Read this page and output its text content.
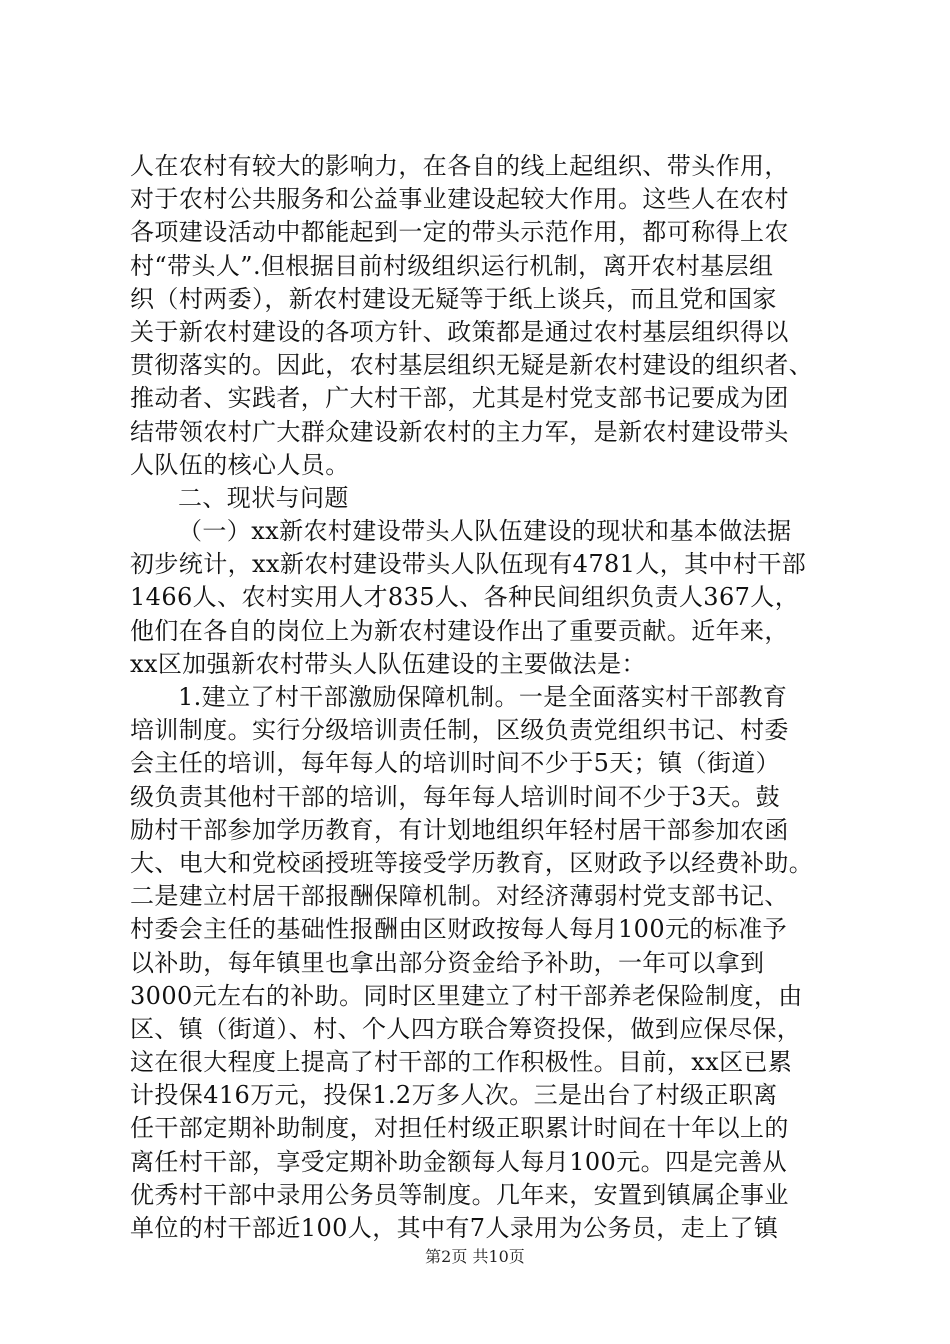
人在农村有较大的影响力，在各自的线上起组织、带头作用，
对于农村公共服务和公益事业建设起较大作用。这些人在农村
各项建设活动中都能起到一定的带头示范作用，都可称得上农
村“带头人”.但根据目前村级组织运行机制，离开农村基层组
织（村两委），新农村建设无疑等于纸上谈兵，而且党和国家
关于新农村建设的各项方针、政策都是通过农村基层组织得以
贯彻落实的。因此，农村基层组织无疑是新农村建设的组织者、
推动者、实践者，广大村干部，尤其是村党支部书记要成为团
结带领农村广大群众建设新农村的主力军，是新农村建设带头
人队伍的核心人员。
二、现状与问题
（一）xx新农村建设带头人队伍建设的现状和基本做法据
初步统计，xx新农村建设带头人队伍现有4781人，其中村干部
1466人、农村实用人才835人、各种民间组织负责人367人，
他们在各自的岗位上为新农村建设作出了重要贡献。近年来，
xx区加强新农村带头人队伍建设的主要做法是：
1.建立了村干部激励保障机制。一是全面落实村干部教育
培训制度。实行分级培训责任制，区级负责党组织书记、村委
会主任的培训，每年每人的培训时间不少于5天；镇（街道）
级负责其他村干部的培训，每年每人培训时间不少于3天。鼓
励村干部参加学历教育，有计划地组织年轻村居干部参加农函
大、电大和党校函授班等接受学历教育，区财政予以经费补助。
二是建立村居干部报酬保障机制。对经济薄弱村党支部书记、
村委会主任的基础性报酬由区财政按每人每月100元的标准予
以补助，每年镇里也拿出部分资金给予补助，一年可以拿到
3000元左右的补助。同时区里建立了村干部养老保险制度，由
区、镇（街道）、村、个人四方联合筹资投保，做到应保尽保，
这在很大程度上提高了村干部的工作积极性。目前，xx区已累
计投保416万元，投保1.2万多人次。三是出台了村级正职离
任干部定期补助制度，对担任村级正职累计时间在十年以上的
离任村干部，享受定期补助金额每人每月100元。四是完善从
优秀村干部中录用公务员等制度。几年来，安置到镇属企事业
单位的村干部近100人，其中有7人录用为公务员，走上了镇
第2页 共10页
